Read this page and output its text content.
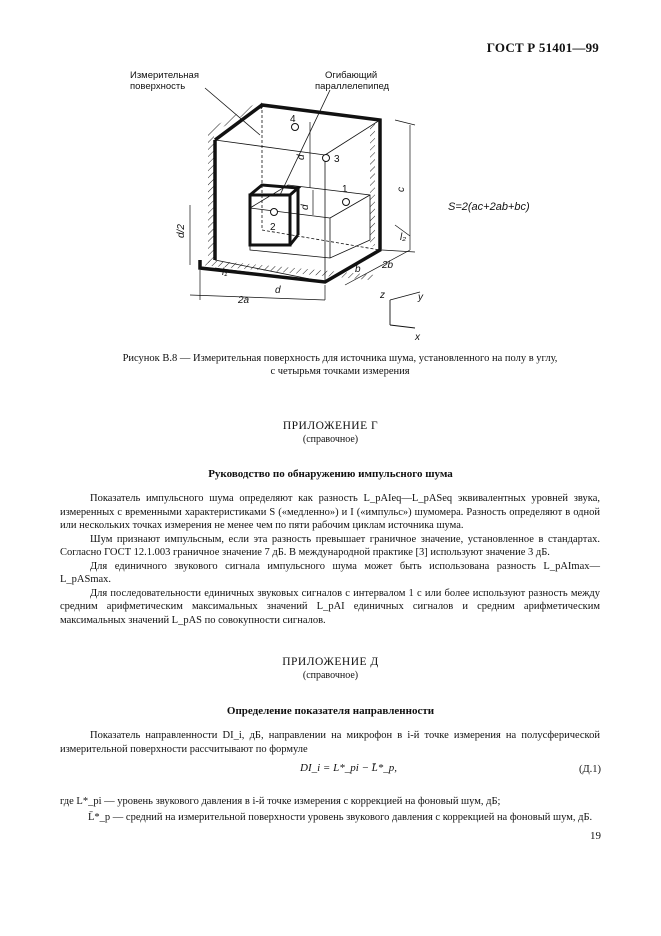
ГОСТ Р 51401—99
4
3
1
2
Измерительная поверхность
Огибающий параллелепипед
d/2
d
d
c
l₂
l₁
d
2a
b 2b
S=2(ac+2ab+bc)
z	y
x
Рисунок В.8 — Измерительная поверхность для источника шума, установленного на полу в углу,
с четырьмя точками измерения
ПРИЛОЖЕНИЕ Г
(справочное)
Руководство по обнаружению импульсного шума

Показатель импульсного шума определяют как разность L_pAIeq—L_pASeq эквивалентных уровней звука, измеренных с временными характеристиками S («медленно») и I («импульс») шумомера. Разность определяют в одной или нескольких точках измерения не менее чем по пяти рабочим циклам источника шума.

Шум признают импульсным, если эта разность превышает граничное значение, установленное в стандартах. Согласно ГОСТ 12.1.003 граничное значение 7 дБ. В международной практике [3] используют значение 3 дБ.

Для единичного звукового сигнала импульсного шума может быть использована разность L_pAImax—L_pASmax.

Для последовательности единичных звуковых сигналов с интервалом 1 с или более используют разность между средним арифметическим максимальных значений L_pAI единичных сигналов и средним арифметическим максимальных значений L_pAS по совокупности сигналов.

ПРИЛОЖЕНИЕ Д
(справочное)
Определение показателя направленности

Показатель направленности DI_i, дБ, направлении на микрофон в i-й точке измерения на полусферической измерительной поверхности рассчитывают по формуле

DI_i = L*_pi − L̄*_p,	(Д.1)
где L*_pi — уровень звукового давления в i-й точке измерения с коррекцией на фоновый шум, дБ;
L̄*_p — средний на измерительной поверхности уровень звукового давления с коррекцией на фоновый шум, дБ.
19
